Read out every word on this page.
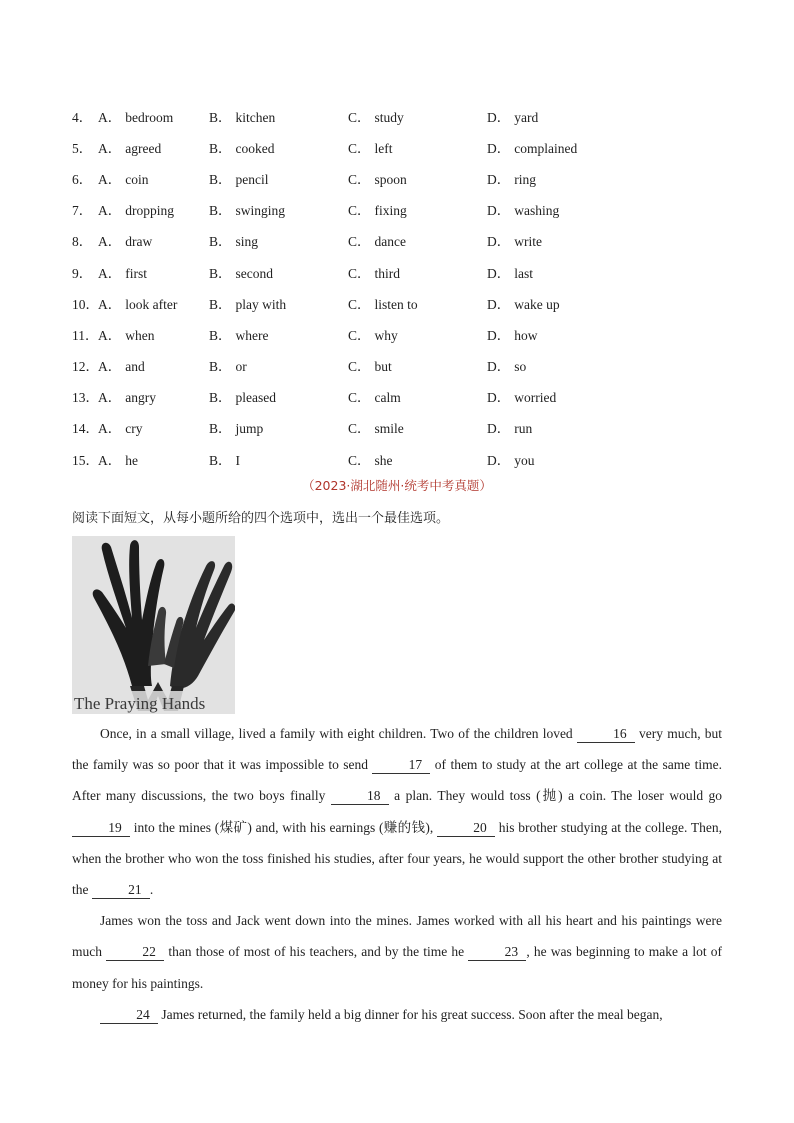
4． A． bedroom	B． kitchen	C． study	D． yard
5． A． agreed	B． cooked	C． left	D． complained
6． A． coin	B． pencil	C． spoon	D． ring
7． A． dropping	B． swinging	C． fixing	D． washing
8． A． draw	B． sing	C． dance	D． write
9． A． first	B． second	C． third	D． last
10． A． look after	B． play with	C． listen to	D． wake up
11． A． when	B． where	C． why	D． how
12． A． and	B． or	C． but	D． so
13． A． angry	B． pleased	C． calm	D． worried
14． A． cry	B． jump	C． smile	D． run
15． A． he	B． I	C． she	D． you
（2023·湖北随州·统考中考真题）
阅读下面短文，从每小题所给的四个选项中，选出一个最佳选项。
The Praying Hands

Once, in a small village, lived a family with eight children. Two of the children loved	16 very much, but the family was so poor that it was impossible to send	17 of them to study at the art college at the same time. After many discussions, the two boys finally	18 a plan. They would toss (抛) a coin. The loser would go 19 into the mines (煤矿) and, with his earnings (赚的钱),	20 his brother studying at the college. Then, when the brother who won the toss finished his studies, after four years, he would support the other brother studying at the	21 .

James won the toss and Jack went down into the mines. James worked with all his heart and his paintings were much	22 than those of most of his teachers, and by the time he	23 , he was beginning to make a lot of money for his paintings.

24 James returned, the family held a big dinner for his great success. Soon after the meal began,
